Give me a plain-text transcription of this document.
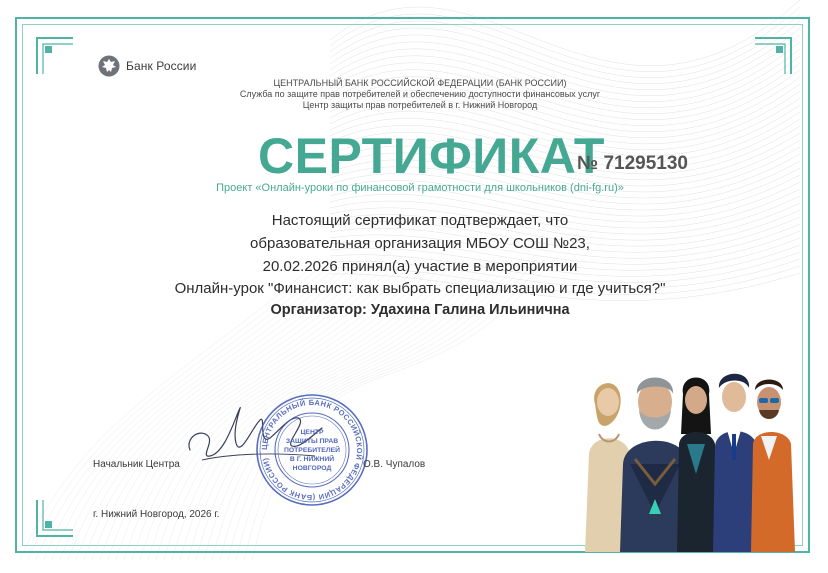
Банк России
ЦЕНТРАЛЬНЫЙ БАНК РОССИЙСКОЙ ФЕДЕРАЦИИ (БАНК РОССИИ)
Служба по защите прав потребителей и обеспечению доступности финансовых услуг
Центр защиты прав потребителей в г. Нижний Новгород
СЕРТИФИКАТ
№ 71295130
Проект «Онлайн-уроки по финансовой грамотности для школьников (dni-fg.ru)»
Настоящий сертификат подтверждает, что
образовательная организация МБОУ СОШ №23,
20.02.2026 принял(а) участие в мероприятии
Онлайн-урок "Финансист: как выбрать специализацию и где учиться?"
Организатор: Удахина Галина Ильинична
ЦЕНТРАЛЬНЫЙ БАНК РОССИЙСКОЙ ФЕДЕРАЦИИ (БАНК РОССИИ)
ЦЕНТР
ЗАЩИТЫ ПРАВ
ПОТРЕБИТЕЛЕЙ
В Г. НИЖНИЙ
НОВГОРОД
Начальник Центра	О.В. Чупалов
г. Нижний Новгород, 2026 г.
